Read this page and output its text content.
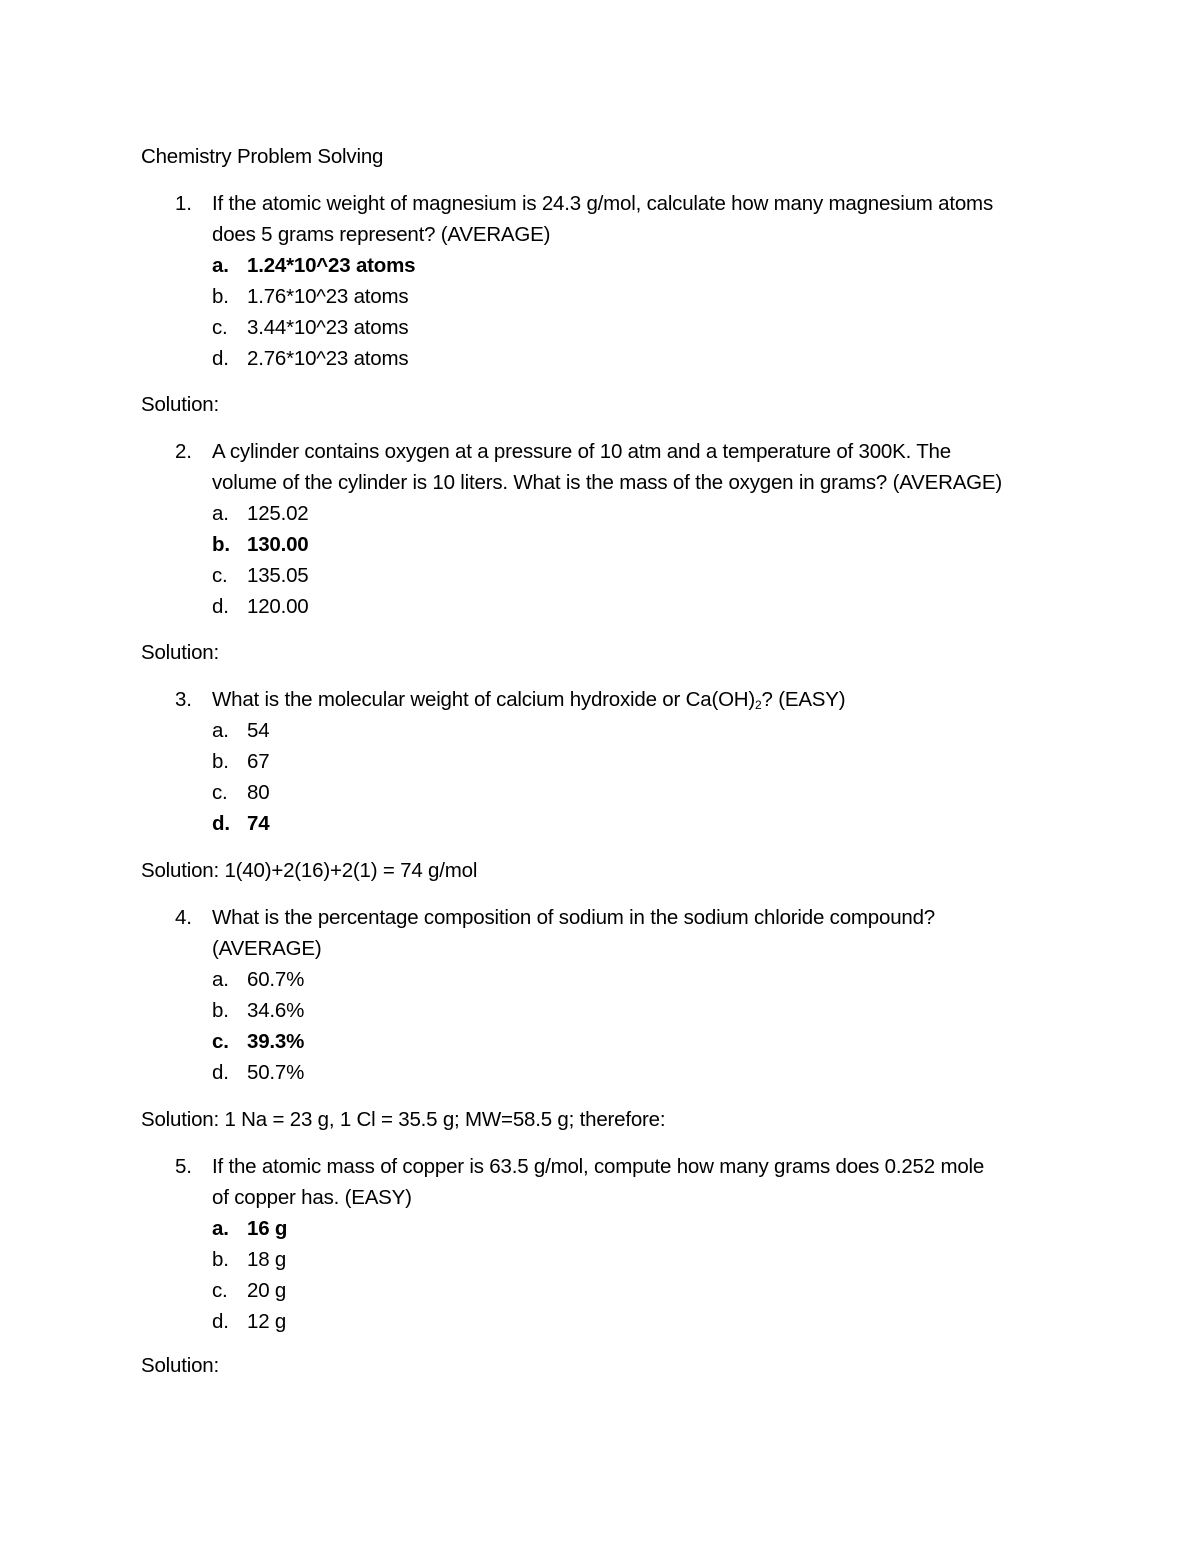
Chemistry Problem Solving
1. If the atomic weight of magnesium is 24.3 g/mol, calculate how many magnesium atoms
does 5 grams represent? (AVERAGE)
a. 1.24*10^23 atoms
b. 1.76*10^23 atoms
c. 3.44*10^23 atoms
d. 2.76*10^23 atoms
Solution:
2. A cylinder contains oxygen at a pressure of 10 atm and a temperature of 300K. The
volume of the cylinder is 10 liters. What is the mass of the oxygen in grams? (AVERAGE)
a. 125.02
b. 130.00
c. 135.05
d. 120.00
Solution:
3. What is the molecular weight of calcium hydroxide or $Ca(OH)_2$? (EASY)
a. 54
b. 67
c. 80
d. 74
Solution: 1(40)+2(16)+2(1) = 74 g/mol
4. What is the percentage composition of sodium in the sodium chloride compound?
(AVERAGE)
a. 60.7%
b. 34.6%
c. 39.3%
d. 50.7%
Solution: 1 Na = 23 g, 1 Cl = 35.5 g; MW=58.5 g; therefore:
5. If the atomic mass of copper is 63.5 g/mol, compute how many grams does 0.252 mole
of copper has. (EASY)
a. 16 g
b. 18 g
c. 20 g
d. 12 g
Solution:
